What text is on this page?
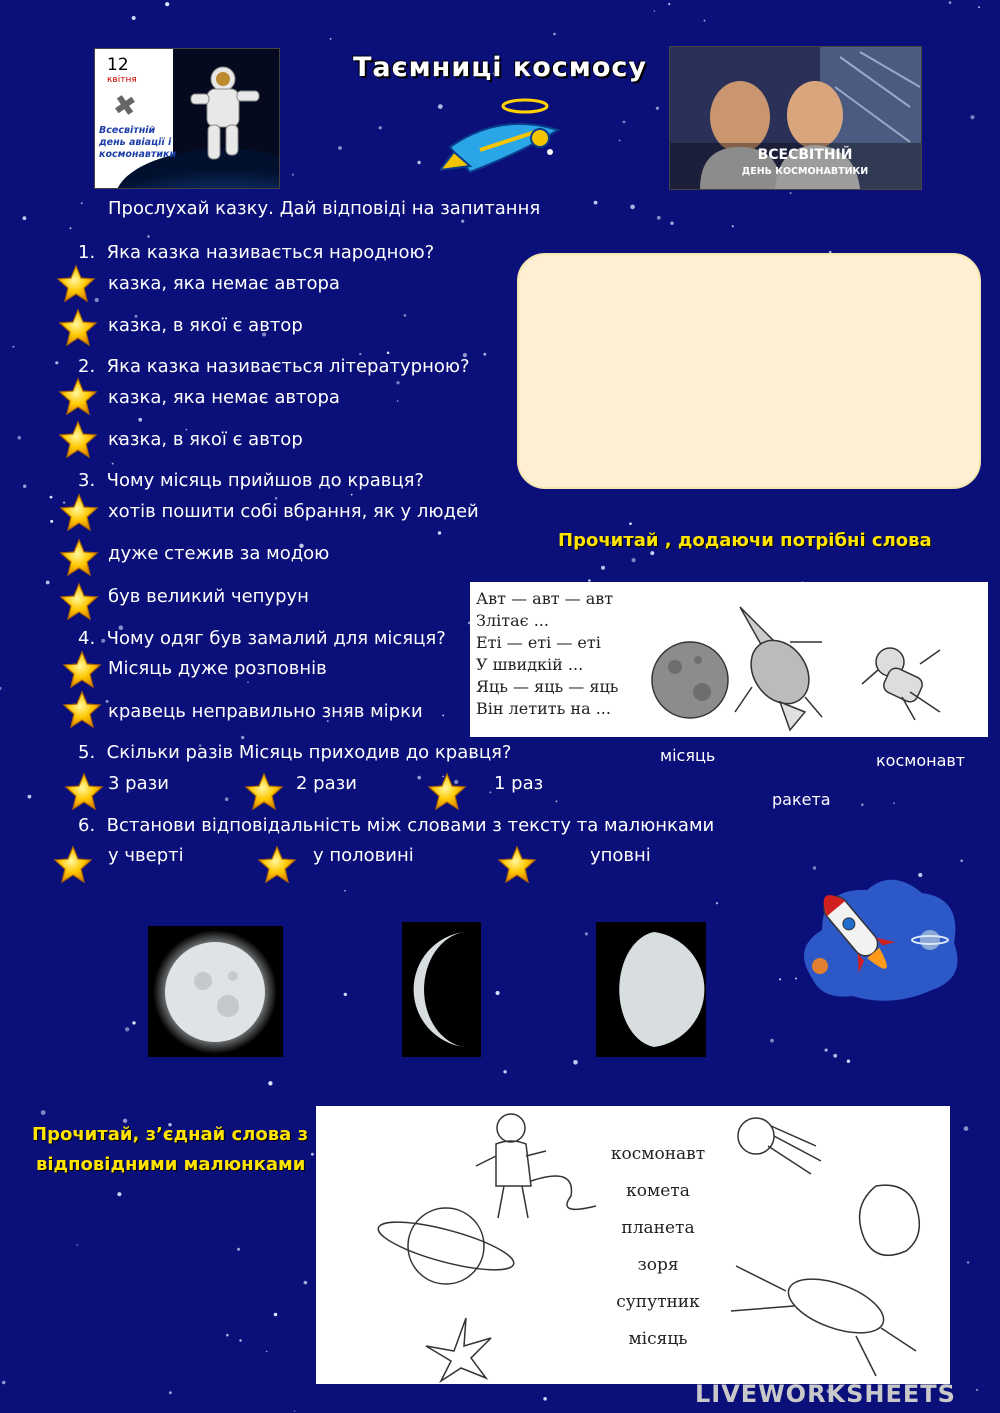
12
квітня
Всесвітній день авіації і космонавтики
Таємниці космосу
ВСЕСВІТНІЙ
ДЕНЬ КОСМОНАВТИКИ
Прослухай казку. Дай відповіді на запитання
1. Яка казка називається народною?
казка, яка немає автора
казка, в якої є автор
2. Яка казка називається літературною?
казка, яка немає автора
казка, в якої є автор
3. Чому місяць прийшов до кравця?
хотів пошити собі вбрання, як у людей
дуже стежив за модою
був великий чепурун
4. Чому одяг був замалий для місяця?
Місяць дуже розповнів
кравець неправильно зняв мірки
5. Скільки разів Місяць приходив до кравця?
3 рази	2 рази	1 раз
6. Встанови відповідальність між словами з тексту та малюнками
у чверті	у половині	уповні
Прочитай , додаючи потрібні слова
Авт — авт — авт
Злітає ...
Еті — еті — еті
У швидкій ...
Яць — яць — яць
Він летить на ...
місяць	космонавт
ракета
Прочитай, з’єднай слова з
відповідними малюнками	космонавт
комета
планета
зоря
супутник
місяць
LIVEWORKSHEETS
